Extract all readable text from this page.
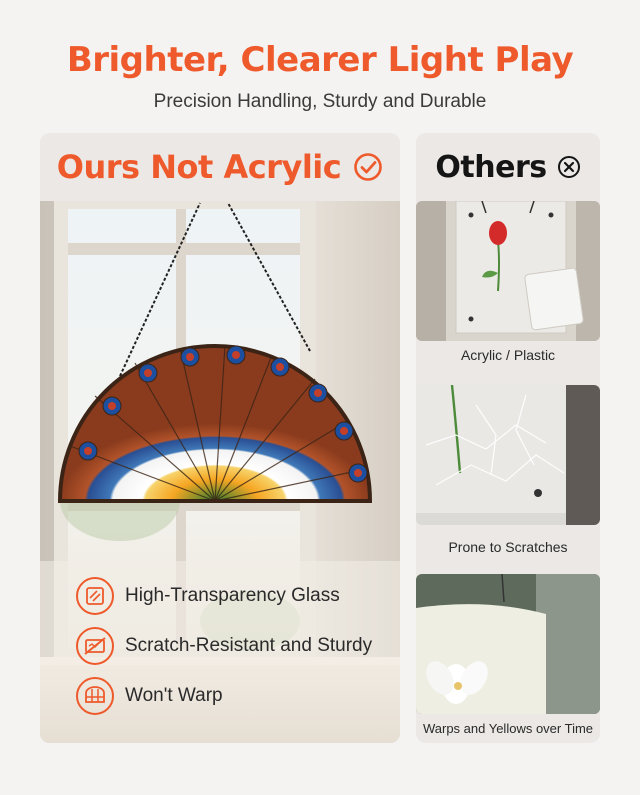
Brighter, Clearer Light Play
Precision Handling, Sturdy and Durable
Ours Not Acrylic
High-Transparency Glass
Scratch-Resistant and Sturdy
Won't Warp
Others
Acrylic / Plastic
Prone to Scratches
Warps and Yellows over Time
